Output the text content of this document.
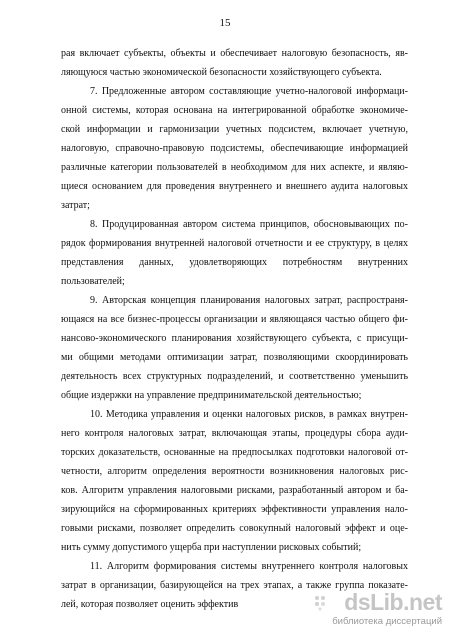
15
рая включает субъекты, объекты и обеспечивает налоговую безопасность, яв-
ляющуюся частью экономической безопасности хозяйствующего субъекта.
7. Предложенные автором составляющие учетно-налоговой информаци-
онной системы, которая основана на интегрированной обработке экономиче-
ской информации и гармонизации учетных подсистем, включает учетную,
налоговую, справочно-правовую подсистемы, обеспечивающие информацией
различные категории пользователей в необходимом для них аспекте, и являю-
щиеся основанием для проведения внутреннего и внешнего аудита налоговых
затрат;
8. Продуцированная автором система принципов, обосновывающих по-
рядок формирования внутренней налоговой отчетности и ее структуру, в целях
представления данных, удовлетворяющих потребностям внутренних
пользователей;
9. Авторская концепция планирования налоговых затрат, распространя-
ющаяся на все бизнес-процессы организации и являющаяся частью общего фи-
нансово-экономического планирования хозяйствующего субъекта, с присущи-
ми общими методами оптимизации затрат, позволяющими скоординировать
деятельность всех структурных подразделений, и соответственно уменьшить
общие издержки на управление предпринимательской деятельностью;
10. Методика управления и оценки налоговых рисков, в рамках внутрен-
него контроля налоговых затрат, включающая этапы, процедуры сбора ауди-
торских доказательств, основанные на предпосылках подготовки налоговой от-
четности, алгоритм определения вероятности возникновения налоговых рис-
ков. Алгоритм управления налоговыми рисками, разработанный автором и ба-
зирующийся на сформированных критериях эффективности управления нало-
говыми рисками, позволяет определить совокупный налоговый эффект и оце-
нить сумму допустимого ущерба при наступлении рисковых событий;
11. Алгоритм формирования системы внутреннего контроля налоговых
затрат в организации, базирующейся на трех этапах, а также группа показате-
лей, которая позволяет оценить эффектив	dsLib.net
библиотека диссертаций
